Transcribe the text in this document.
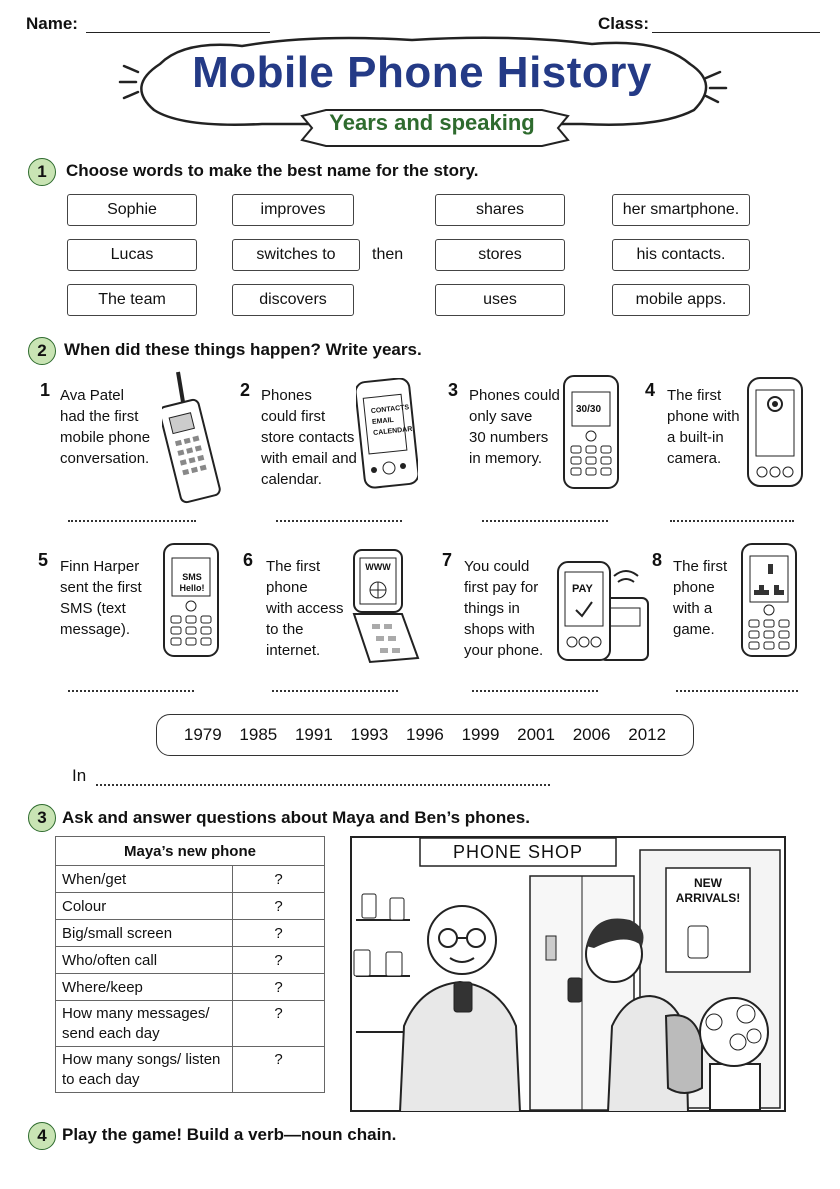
Name:	Class:
Mobile Phone History
Years and speaking
1	Choose words to make the best name for the story.
Sophie
Lucas
The team
improves
switches to
discovers
then
shares
stores
uses
her smartphone.
his contacts.
mobile apps.
2	When did these things happen? Write years.
1 Ava Patel
had the first
mobile phone
conversation.
2 Phones
could first
store contacts
with email and
calendar.
CONTACTS
EMAIL
CALENDAR
3 Phones could
only save
30 numbers
in memory.
30/30
4 The first
phone with
a built-in
camera.
5 Finn Harper
sent the first
SMS (text
message).
SMS
Hello!
6 The first
phone
with access
to the
internet.
WWW	7 You could
first pay for
things in
shops with
your phone.
PAY
8 The first
phone
with a
game.
1979 1985 1991 1993 1996 1999 2001 2006 2012
In
3 Ask and answer questions about Maya and Ben’s phones.
Maya’s new phone	
When/get	?
Colour	?
Big/small screen	?
Who/often call	?
Where/keep	?
How many messages/ send each day	?
How many songs/ listen to each day	?
PHONE SHOP
NEW ARRIVALS!
4 Play the game! Build a verb—noun chain.
